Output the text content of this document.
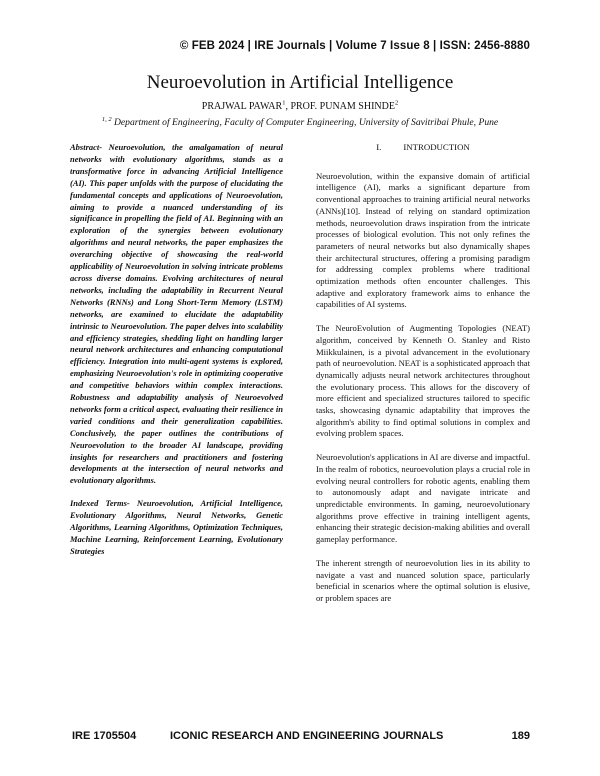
© FEB 2024 | IRE Journals | Volume 7 Issue 8 | ISSN: 2456-8880
Neuroevolution in Artificial Intelligence
PRAJWAL PAWAR$^1$, PROF. PUNAM SHINDE$^2$
$^{1, 2}$ Department of Engineering, Faculty of Computer Engineering, University of Savitribai Phule, Pune

Abstract- Neuroevolution, the amalgamation of neural networks with evolutionary algorithms, stands as a transformative force in advancing Artificial Intelligence (AI). This paper unfolds with the purpose of elucidating the fundamental concepts and applications of Neuroevolution, aiming to provide a nuanced understanding of its significance in propelling the field of AI. Beginning with an exploration of the synergies between evolutionary algorithms and neural networks, the paper emphasizes the overarching objective of showcasing the real-world applicability of Neuroevolution in solving intricate problems across diverse domains. Evolving architectures of neural networks, including the adaptability in Recurrent Neural Networks (RNNs) and Long Short-Term Memory (LSTM) networks, are examined to elucidate the adaptability intrinsic to Neuroevolution. The paper delves into scalability and efficiency strategies, shedding light on handling larger neural network architectures and enhancing computational efficiency. Integration into multi-agent systems is explored, emphasizing Neuroevolution's role in optimizing cooperative and competitive behaviors within complex interactions. Robustness and adaptability analysis of Neuroevolved networks form a critical aspect, evaluating their resilience in varied conditions and their generalization capabilities. Conclusively, the paper outlines the contributions of Neuroevolution to the broader AI landscape, providing insights for researchers and practitioners and fostering developments at the intersection of neural networks and evolutionary algorithms.

Indexed Terms- Neuroevolution, Artificial Intelligence, Evolutionary Algorithms, Neural Networks, Genetic Algorithms, Learning Algorithms, Optimization Techniques, Machine Learning, Reinforcement Learning, Evolutionary Strategies

I.	INTRODUCTION

Neuroevolution, within the expansive domain of artificial intelligence (AI), marks a significant departure from conventional approaches to training artificial neural networks (ANNs)[10]. Instead of relying on standard optimization methods, neuroevolution draws inspiration from the intricate processes of biological evolution. This not only refines the parameters of neural networks but also dynamically shapes their architectural structures, offering a promising paradigm for addressing complex problems where traditional optimization methods often encounter challenges. This adaptive and exploratory framework aims to enhance the capabilities of AI systems.

The NeuroEvolution of Augmenting Topologies (NEAT) algorithm, conceived by Kenneth O. Stanley and Risto Miikkulainen, is a pivotal advancement in the evolutionary path of neuroevolution. NEAT is a sophisticated approach that dynamically adjusts neural network architectures throughout the evolutionary process. This allows for the discovery of more efficient and specialized structures tailored to specific tasks, showcasing dynamic adaptability that improves the algorithm's ability to find optimal solutions in complex and evolving problem spaces.

Neuroevolution's applications in AI are diverse and impactful. In the realm of robotics, neuroevolution plays a crucial role in evolving neural controllers for robotic agents, enabling them to autonomously adapt and navigate intricate and unpredictable environments. In gaming, neuroevolutionary algorithms prove effective in training intelligent agents, enhancing their strategic decision-making abilities and overall gameplay performance.

The inherent strength of neuroevolution lies in its ability to navigate a vast and nuanced solution space, particularly beneficial in scenarios where the optimal solution is elusive, or problem spaces are

IRE 1705504	ICONIC RESEARCH AND ENGINEERING JOURNALS	189
